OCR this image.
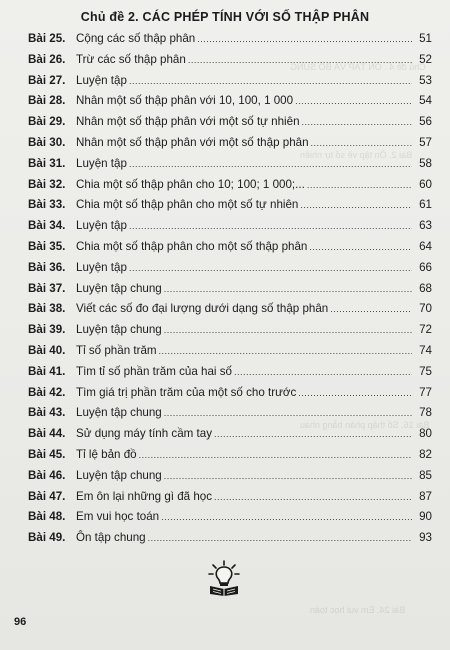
Chủ đề 4 . ÔN TẬP VÀ BỔ SUNG
Bài 2. Ôn tập về số tự nhiên
Bài 16. Số thập phân bằng nhau
Bài 24. Em vui học toán
Chủ đề 2. CÁC PHÉP TÍNH VỚI SỐ THẬP PHÂN
Bài 25. Cộng các số thập phân .....	51
Bài 26. Trừ các số thập phân .....	52
Bài 27. Luyện tập .....	53
Bài 28. Nhân một số thập phân với 10, 100, 1 000 .....	54
Bài 29. Nhân một số thập phân với một số tự nhiên .....	56
Bài 30. Nhân một số thập phân với một số thập phân .....	57
Bài 31. Luyện tập .....	58
Bài 32. Chia một số thập phân cho 10; 100; 1 000;... .....	60
Bài 33. Chia một số thập phân cho một số tự nhiên .....	61
Bài 34. Luyện tập .....	63
Bài 35. Chia một số thập phân cho một số thập phân .....	64
Bài 36. Luyện tập .....	66
Bài 37. Luyện tập chung .....	68
Bài 38. Viết các số đo đại lượng dưới dạng số thập phân .....	70
Bài 39. Luyện tập chung .....	72
Bài 40. Tỉ số phần trăm .....	74
Bài 41. Tìm tỉ số phần trăm của hai số .....	75
Bài 42. Tìm giá trị phần trăm của một số cho trước .....	77
Bài 43. Luyện tập chung .....	78
Bài 44. Sử dụng máy tính cầm tay .....	80
Bài 45. Tỉ lệ bản đồ .....	82
Bài 46. Luyện tập chung .....	85
Bài 47. Em ôn lại những gì đã học .....	87
Bài 48. Em vui học toán .....	90
Bài 49. Ôn tập chung .....	93
96
